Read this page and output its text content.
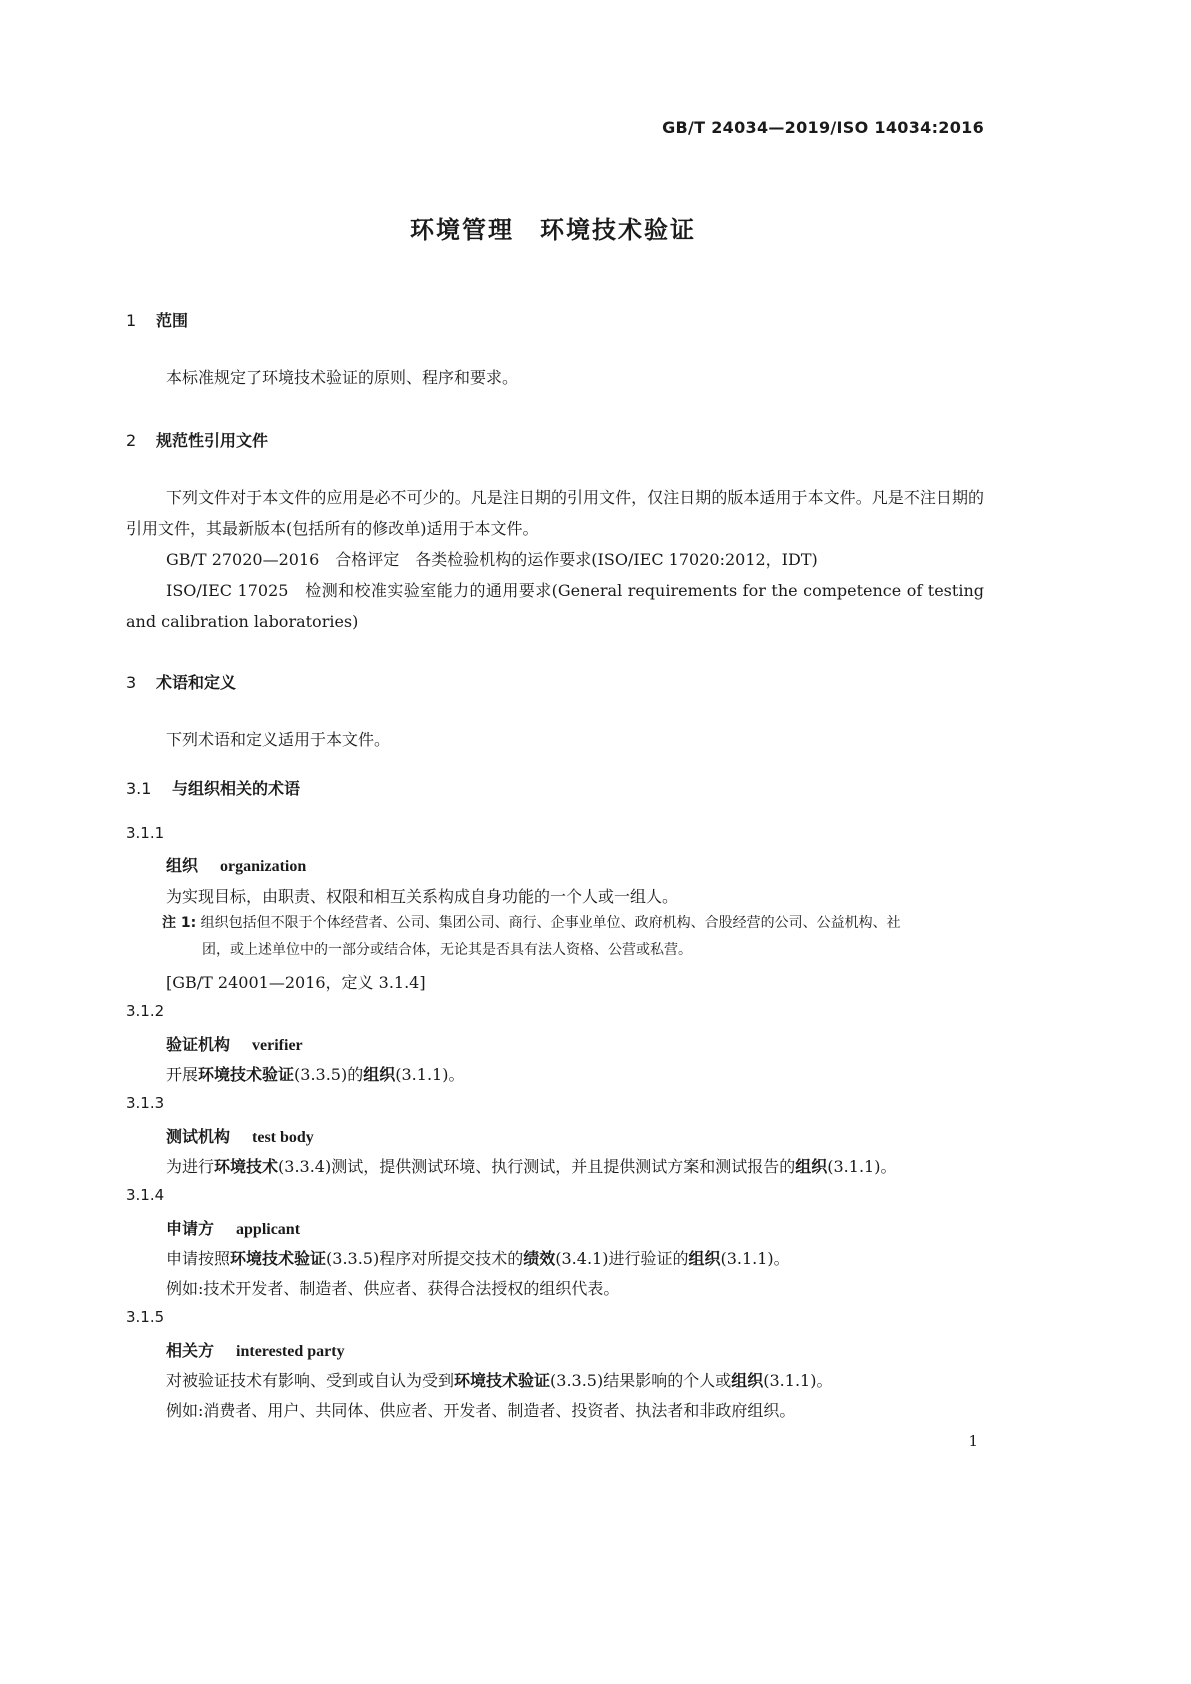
GB/T 24034—2019/ISO 14034:2016
环境管理　环境技术验证
1 范围
本标准规定了环境技术验证的原则、程序和要求。
2 规范性引用文件
下列文件对于本文件的应用是必不可少的。凡是注日期的引用文件，仅注日期的版本适用于本文件。凡是不注日期的引用文件，其最新版本(包括所有的修改单)适用于本文件。
GB/T 27020—2016　合格评定　各类检验机构的运作要求(ISO/IEC 17020:2012，IDT)
ISO/IEC 17025　检测和校准实验室能力的通用要求(General requirements for the competence of testing and calibration laboratories)
3 术语和定义
下列术语和定义适用于本文件。
3.1 与组织相关的术语
3.1.1
组织 organization
为实现目标，由职责、权限和相互关系构成自身功能的一个人或一组人。
注 1: 组织包括但不限于个体经营者、公司、集团公司、商行、企事业单位、政府机构、合股经营的公司、公益机构、社
团，或上述单位中的一部分或结合体，无论其是否具有法人资格、公营或私营。
[GB/T 24001—2016，定义 3.1.4]
3.1.2
验证机构 verifier
开展环境技术验证(3.3.5)的组织(3.1.1)。
3.1.3
测试机构 test body
为进行环境技术(3.3.4)测试，提供测试环境、执行测试，并且提供测试方案和测试报告的组织(3.1.1)。
3.1.4
申请方 applicant
申请按照环境技术验证(3.3.5)程序对所提交技术的绩效(3.4.1)进行验证的组织(3.1.1)。
例如:技术开发者、制造者、供应者、获得合法授权的组织代表。
3.1.5
相关方 interested party
对被验证技术有影响、受到或自认为受到环境技术验证(3.3.5)结果影响的个人或组织(3.1.1)。
例如:消费者、用户、共同体、供应者、开发者、制造者、投资者、执法者和非政府组织。
1
